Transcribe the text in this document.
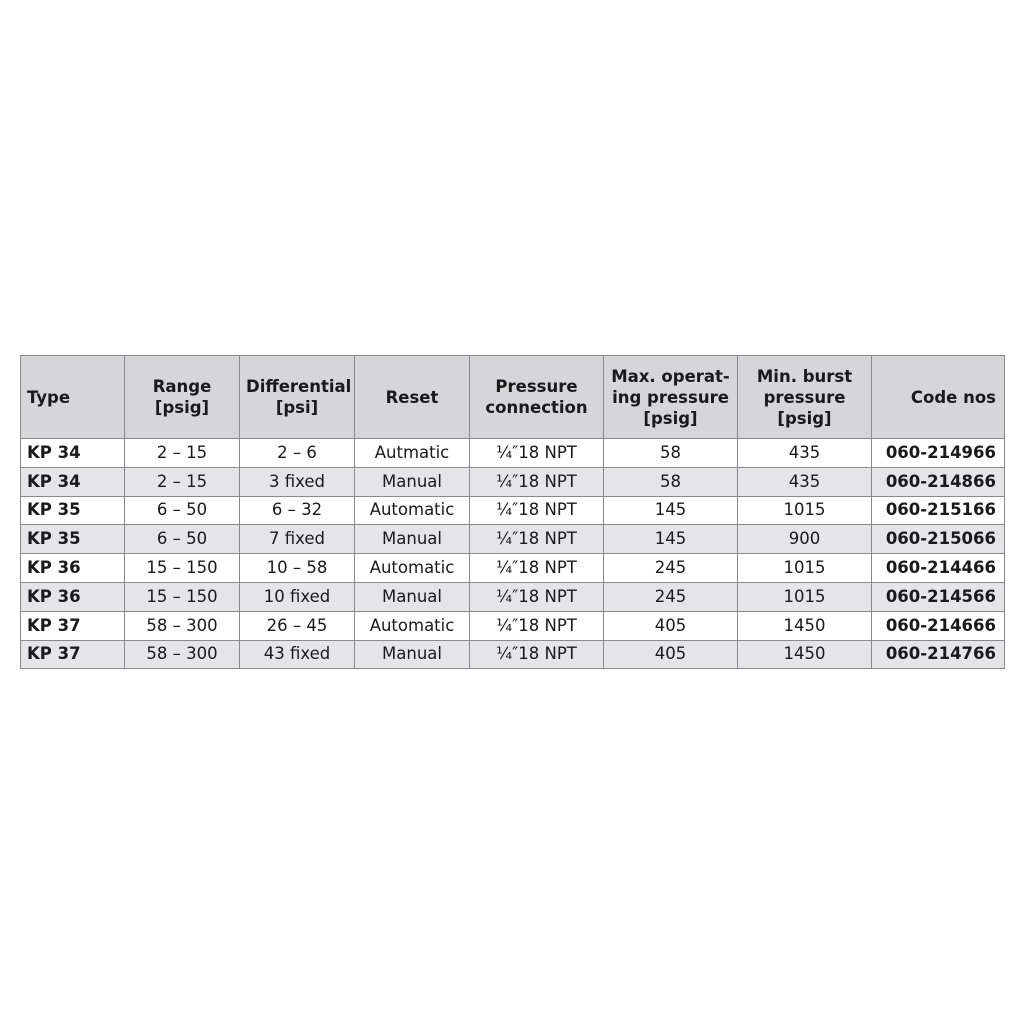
Type	Range [psig]	Differential [psi]	Reset	Pressure connection	Max. operat-ing pressure [psig]	Min. burst pressure [psig]	Code nos
KP 34	2 – 15	2 – 6	Autmatic	¼″18 NPT	58	435	060-214966
KP 34	2 – 15	3 fixed	Manual	¼″18 NPT	58	435	060-214866
KP 35	6 – 50	6 – 32	Automatic	¼″18 NPT	145	1015	060-215166
KP 35	6 – 50	7 fixed	Manual	¼″18 NPT	145	900	060-215066
KP 36	15 – 150	10 – 58	Automatic	¼″18 NPT	245	1015	060-214466
KP 36	15 – 150	10 fixed	Manual	¼″18 NPT	245	1015	060-214566
KP 37	58 – 300	26 – 45	Automatic	¼″18 NPT	405	1450	060-214666
KP 37	58 – 300	43 fixed	Manual	¼″18 NPT	405	1450	060-214766
